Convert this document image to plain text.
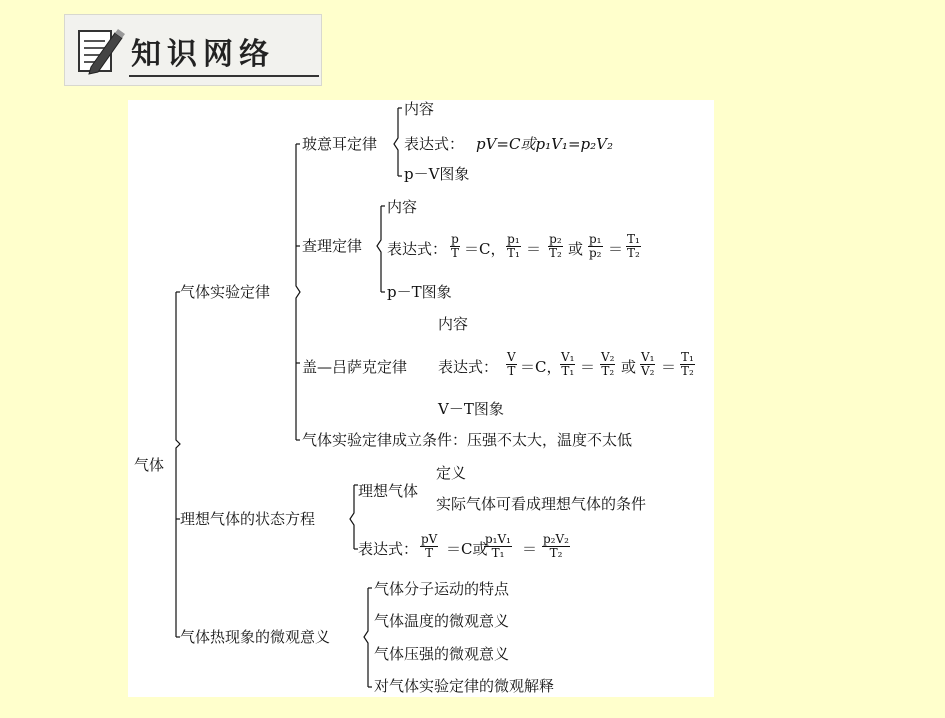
知识网络
气体
气体实验定律
玻意耳定律
内容
表达式： pV=C或p₁V₁=p₂V₂
p－V图象
查理定律
内容
表达式： $\frac{p}{T} =C$， $\frac{\text{p₁}}{\text{T₁}} = \frac{\text{p₂}}{\text{T₂}}$ 或 $\frac{\text{p₁}}{\text{p₂}} = \frac{\text{T₁}}{\text{T₂}}$
p－T图象
盖—吕萨克定律
内容
表达式： $\frac{V}{T} =C$，
$\frac{\text{V₁}}{\text{T₁}} = \frac{\text{V₂}}{\text{T₂}}$ 或 $\frac{\text{V₁}}{\text{V₂}} = \frac{\text{T₁}}{\text{T₂}}$
V－T图象
气体实验定律成立条件：压强不太大，温度不太低
理想气体的状态方程
理想气体
定义
实际气体可看成理想气体的条件
表达式： $\frac{pV}{T} =C$或
$\frac{\text{p₁V₁}}{\text{T₁}} = \frac{\text{p₂V₂}}{\text{T₂}}$
气体热现象的微观意义
气体分子运动的特点
气体温度的微观意义
气体压强的微观意义
对气体实验定律的微观解释
